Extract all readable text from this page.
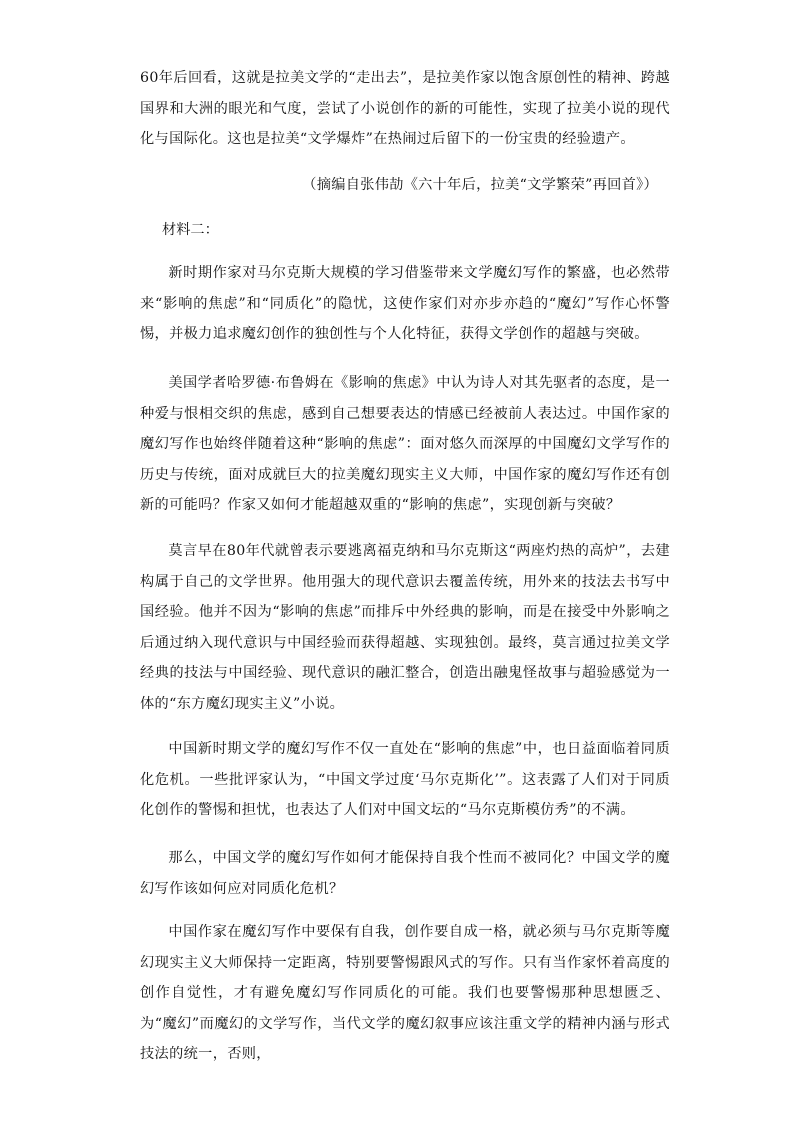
60年后回看，这就是拉美文学的“走出去”，是拉美作家以饱含原创性的精神、跨越国界和大洲的眼光和气度，尝试了小说创作的新的可能性，实现了拉美小说的现代化与国际化。这也是拉美“文学爆炸”在热闹过后留下的一份宝贵的经验遗产。

（摘编自张伟劼《六十年后，拉美“文学繁荣”再回首》）
材料二：

新时期作家对马尔克斯大规模的学习借鉴带来文学魔幻写作的繁盛，也必然带来“影响的焦虑”和“同质化”的隐忧，这使作家们对亦步亦趋的“魔幻”写作心怀警惕，并极力追求魔幻创作的独创性与个人化特征，获得文学创作的超越与突破。

美国学者哈罗德·布鲁姆在《影响的焦虑》中认为诗人对其先驱者的态度，是一种爱与恨相交织的焦虑，感到自己想要表达的情感已经被前人表达过。中国作家的魔幻写作也始终伴随着这种“影响的焦虑”：面对悠久而深厚的中国魔幻文学写作的历史与传统，面对成就巨大的拉美魔幻现实主义大师，中国作家的魔幻写作还有创新的可能吗？作家又如何才能超越双重的“影响的焦虑”，实现创新与突破？

莫言早在80年代就曾表示要逃离福克纳和马尔克斯这“两座灼热的高炉”，去建构属于自己的文学世界。他用强大的现代意识去覆盖传统，用外来的技法去书写中国经验。他并不因为“影响的焦虑”而排斥中外经典的影响，而是在接受中外影响之后通过纳入现代意识与中国经验而获得超越、实现独创。最终，莫言通过拉美文学经典的技法与中国经验、现代意识的融汇整合，创造出融鬼怪故事与超验感觉为一体的“东方魔幻现实主义”小说。

中国新时期文学的魔幻写作不仅一直处在“影响的焦虑”中，也日益面临着同质化危机。一些批评家认为，“中国文学过度‘马尔克斯化’”。这表露了人们对于同质化创作的警惕和担忧，也表达了人们对中国文坛的“马尔克斯模仿秀”的不满。

那么，中国文学的魔幻写作如何才能保持自我个性而不被同化？中国文学的魔幻写作该如何应对同质化危机？

中国作家在魔幻写作中要保有自我，创作要自成一格，就必须与马尔克斯等魔幻现实主义大师保持一定距离，特别要警惕跟风式的写作。只有当作家怀着高度的创作自觉性，才有避免魔幻写作同质化的可能。我们也要警惕那种思想匮乏、为“魔幻”而魔幻的文学写作，当代文学的魔幻叙事应该注重文学的精神内涵与形式技法的统一，否则，
